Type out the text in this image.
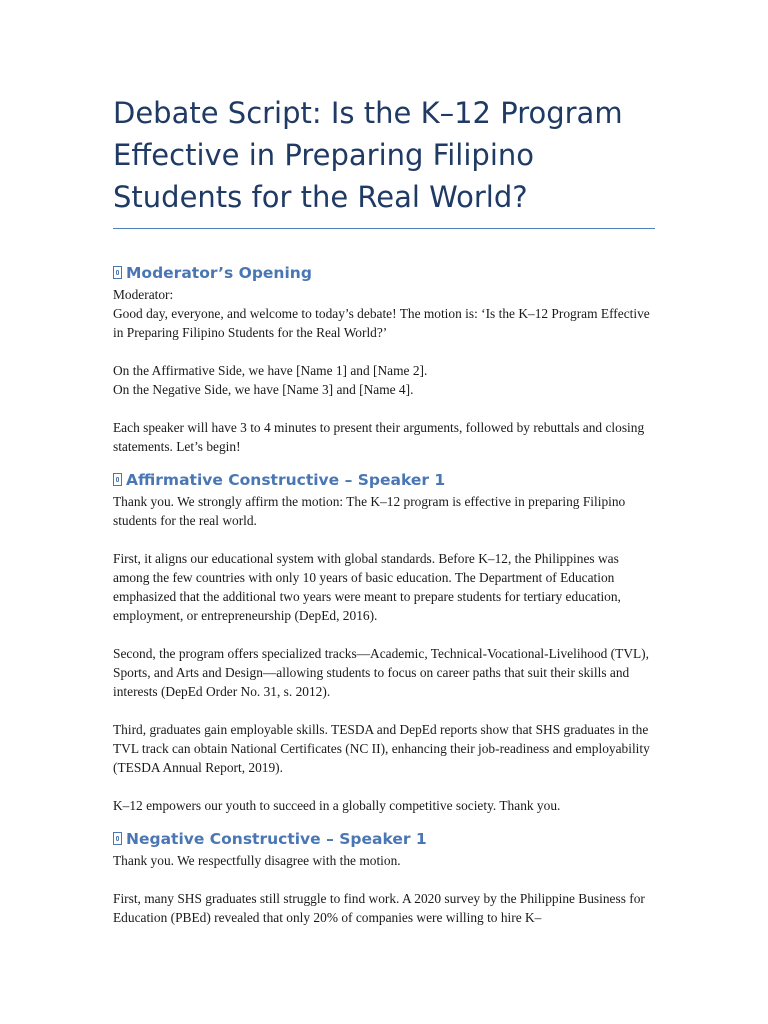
Debate Script: Is the K–12 Program Effective in Preparing Filipino Students for the Real World?
Moderator’s Opening

Moderator:
Good day, everyone, and welcome to today’s debate! The motion is: ‘Is the K–12 Program Effective in Preparing Filipino Students for the Real World?’

On the Affirmative Side, we have [Name 1] and [Name 2].
On the Negative Side, we have [Name 3] and [Name 4].

Each speaker will have 3 to 4 minutes to present their arguments, followed by rebuttals and closing statements. Let’s begin!

Affirmative Constructive – Speaker 1

Thank you. We strongly affirm the motion: The K–12 program is effective in preparing Filipino students for the real world.

First, it aligns our educational system with global standards. Before K–12, the Philippines was among the few countries with only 10 years of basic education. The Department of Education emphasized that the additional two years were meant to prepare students for tertiary education, employment, or entrepreneurship (DepEd, 2016).

Second, the program offers specialized tracks—Academic, Technical-Vocational-Livelihood (TVL), Sports, and Arts and Design—allowing students to focus on career paths that suit their skills and interests (DepEd Order No. 31, s. 2012).

Third, graduates gain employable skills. TESDA and DepEd reports show that SHS graduates in the TVL track can obtain National Certificates (NC II), enhancing their job-readiness and employability (TESDA Annual Report, 2019).

K–12 empowers our youth to succeed in a globally competitive society. Thank you.

Negative Constructive – Speaker 1

Thank you. We respectfully disagree with the motion.

First, many SHS graduates still struggle to find work. A 2020 survey by the Philippine Business for Education (PBEd) revealed that only 20% of companies were willing to hire K–
